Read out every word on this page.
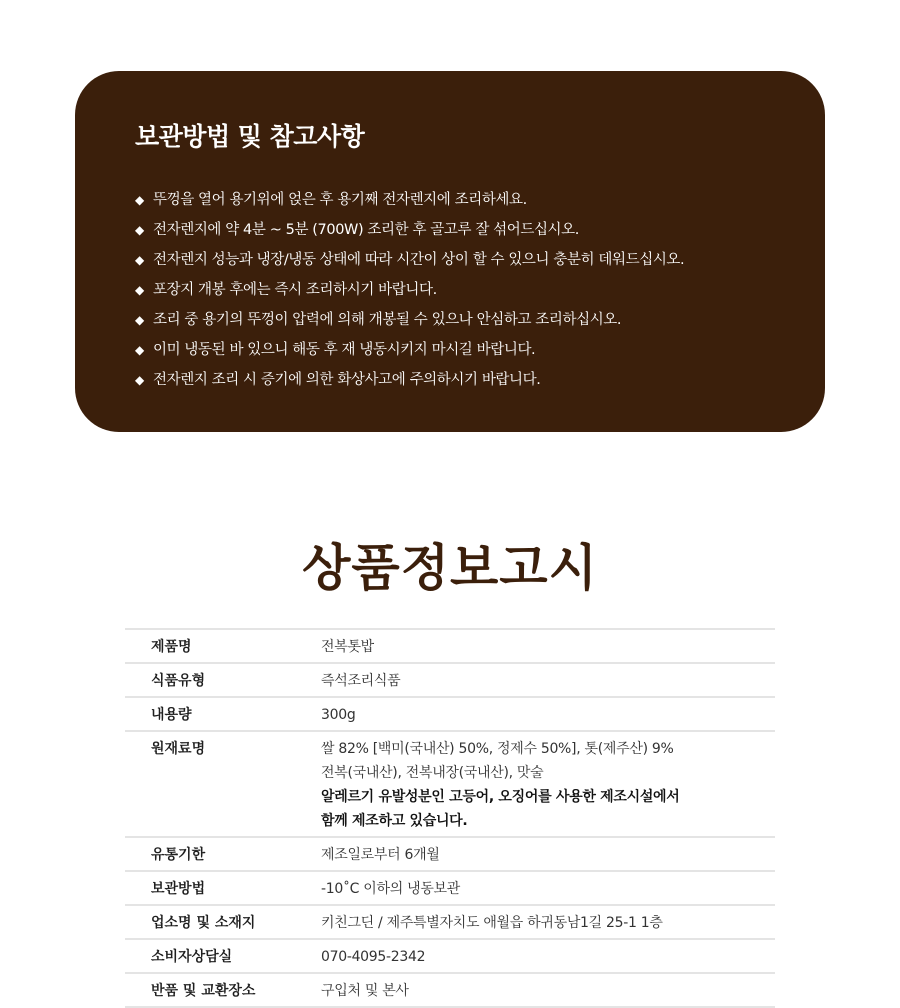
보관방법 및 참고사항
◆ 뚜껑을 열어 용기위에 얹은 후 용기째 전자렌지에 조리하세요.
◆ 전자렌지에 약 4분 ~ 5분 (700W) 조리한 후 골고루 잘 섞어드십시오.
◆ 전자렌지 성능과 냉장/냉동 상태에 따라 시간이 상이 할 수 있으니 충분히 데워드십시오.
◆ 포장지 개봉 후에는 즉시 조리하시기 바랍니다.
◆ 조리 중 용기의 뚜껑이 압력에 의해 개봉될 수 있으나 안심하고 조리하십시오.
◆ 이미 냉동된 바 있으니 해동 후 재 냉동시키지 마시길 바랍니다.
◆ 전자렌지 조리 시 증기에 의한 화상사고에 주의하시기 바랍니다.
상품정보고시
제품명	전복톳밥
식품유형	즉석조리식품
내용량	300g
원재료명	쌀 82% [백미(국내산) 50%, 정제수 50%], 톳(제주산) 9%
전복(국내산), 전복내장(국내산), 맛술
알레르기 유발성분인 고등어, 오징어를 사용한 제조시설에서
함께 제조하고 있습니다.

유통기한	제조일로부터 6개월
보관방법	-10˚C 이하의 냉동보관
업소명 및 소재지	키친그딘 / 제주특별자치도 애월읍 하귀동남1길 25-1 1층
소비자상담실	070-4095-2342
반품 및 교환장소	구입처 및 본사
